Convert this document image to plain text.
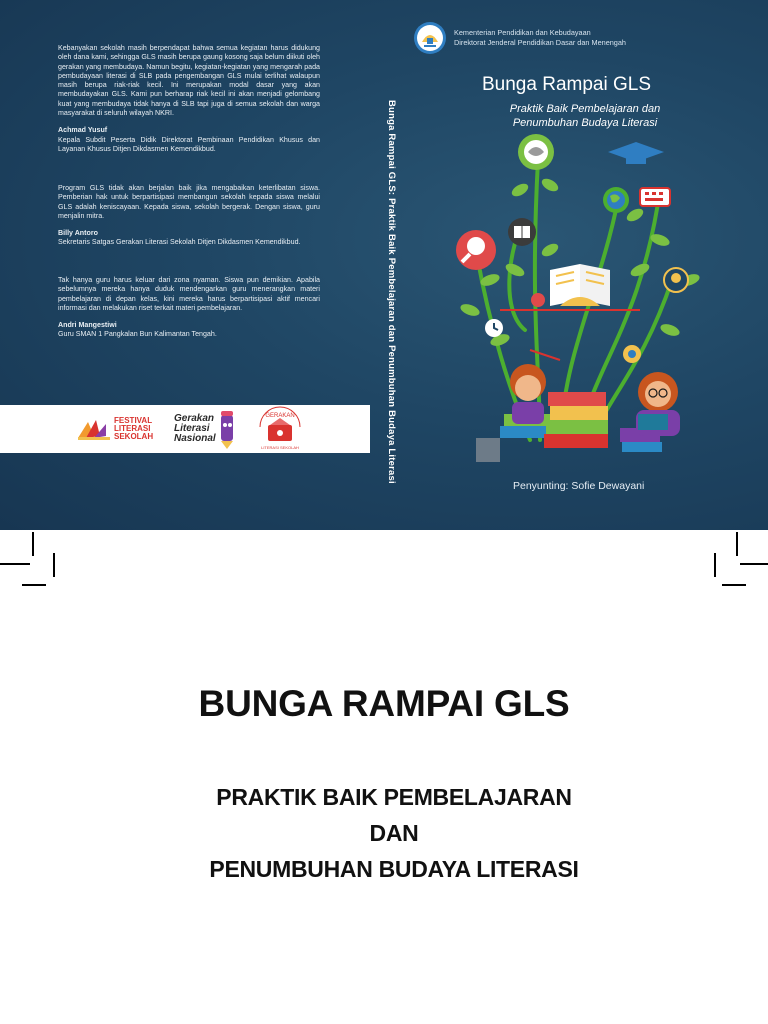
Kebanyakan sekolah masih berpendapat bahwa semua kegiatan harus didukung oleh dana kami, sehingga GLS masih berupa gaung kosong saja belum diikuti oleh gerakan yang membudaya. Namun begitu, kegiatan-kegiatan yang mengarah pada pembudayaan literasi di SLB pada pengembangan GLS mulai terlihat walaupun masih berupa riak-riak kecil. Ini merupakan modal dasar yang akan membudayakan GLS. Kami pun berharap riak kecil ini akan menjadi gelombang kuat yang membudaya tidak hanya di SLB tapi juga di semua sekolah dan warga masyarakat di seluruh wilayah NKRI.

Achmad Yusuf

Kepala Subdit Peserta Didik Direktorat Pembinaan Pendidikan Khusus dan Layanan Khusus Ditjen Dikdasmen Kemendikbud.

Program GLS tidak akan berjalan baik jika mengabaikan keterlibatan siswa. Pemberian hak untuk berpartisipasi membangun sekolah kepada siswa melalui GLS adalah keniscayaan. Kepada siswa, sekolah bergerak. Dengan siswa, guru menjalin mitra.

Billy Antoro

Sekretaris Satgas Gerakan Literasi Sekolah Ditjen Dikdasmen Kemendikbud.

Tak hanya guru harus keluar dari zona nyaman. Siswa pun demikian. Apabila sebelumnya mereka hanya duduk mendengarkan guru menerangkan materi pembelajaran di depan kelas, kini mereka harus berpartisipasi aktif mencari informasi dan melakukan riset terkait materi pembelajaran.

Andri Mangestiwi

Guru SMAN 1 Pangkalan Bun Kalimantan Tengah.

FESTIVAL
LITERASI
SEKOLAH
Gerakan
Literasi
Nasional
GERAKAN
LITERASI SEKOLAH	Bunga Rampai GLS: Praktik Baik Pembelajaran dan Penumbuhan Budaya Literasi
Kementerian Pendidikan dan Kebudayaan
Direktorat Jenderal Pendidikan Dasar dan Menengah
Bunga Rampai GLS
Praktik Baik Pembelajaran dan
Penumbuhan Budaya Literasi
Penyunting: Sofie Dewayani
BUNGA RAMPAI GLS
PRAKTIK BAIK PEMBELAJARAN
DAN
PENUMBUHAN BUDAYA LITERASI
